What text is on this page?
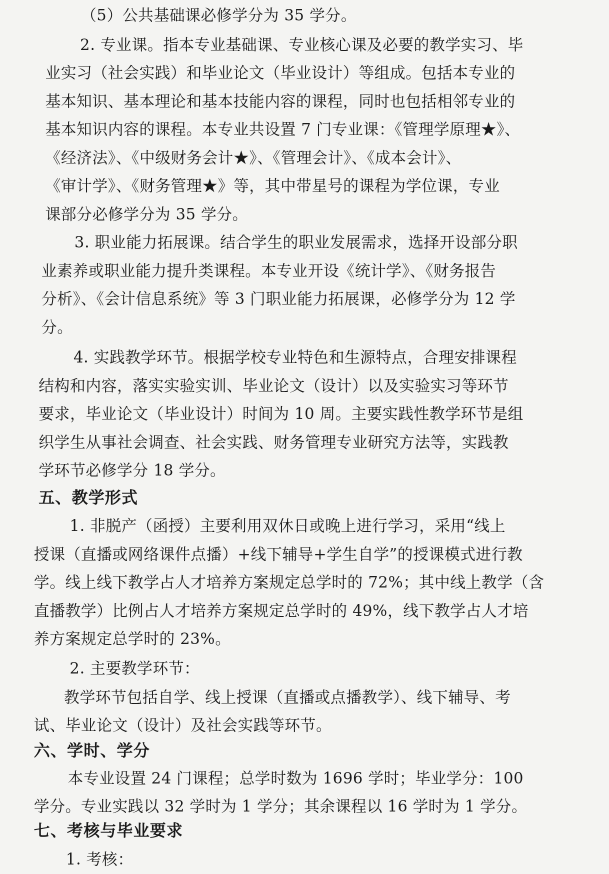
（5）公共基础课必修学分为 35 学分。

2. 专业课。指本专业基础课、专业核心课及必要的教学实习、毕

业实习（社会实践）和毕业论文（毕业设计）等组成。包括本专业的

基本知识、基本理论和基本技能内容的课程，同时也包括相邻专业的

基本知识内容的课程。本专业共设置 7 门专业课：《管理学原理★》、

《经济法》、《中级财务会计★》、《管理会计》、《成本会计》、

《审计学》、《财务管理★》等，其中带星号的课程为学位课，专业

课部分必修学分为 35 学分。

3. 职业能力拓展课。结合学生的职业发展需求，选择开设部分职

业素养或职业能力提升类课程。本专业开设《统计学》、《财务报告

分析》、《会计信息系统》等 3 门职业能力拓展课，必修学分为 12 学

分。

4. 实践教学环节。根据学校专业特色和生源特点，合理安排课程

结构和内容，落实实验实训、毕业论文（设计）以及实验实习等环节

要求，毕业论文（毕业设计）时间为 10 周。主要实践性教学环节是组

织学生从事社会调查、社会实践、财务管理专业研究方法等，实践教

学环节必修学分 18 学分。

五、教学形式

1. 非脱产（函授）主要利用双休日或晚上进行学习，采用“线上

授课（直播或网络课件点播）+线下辅导+学生自学”的授课模式进行教

学。线上线下教学占人才培养方案规定总学时的 72%；其中线上教学（含

直播教学）比例占人才培养方案规定总学时的 49%，线下教学占人才培

养方案规定总学时的 23%。

2. 主要教学环节：

教学环节包括自学、线上授课（直播或点播教学）、线下辅导、考

试、毕业论文（设计）及社会实践等环节。

六、学时、学分

本专业设置 24 门课程；总学时数为 1696 学时；毕业学分：100

学分。专业实践以 32 学时为 1 学分；其余课程以 16 学时为 1 学分。

七、考核与毕业要求

1. 考核：
